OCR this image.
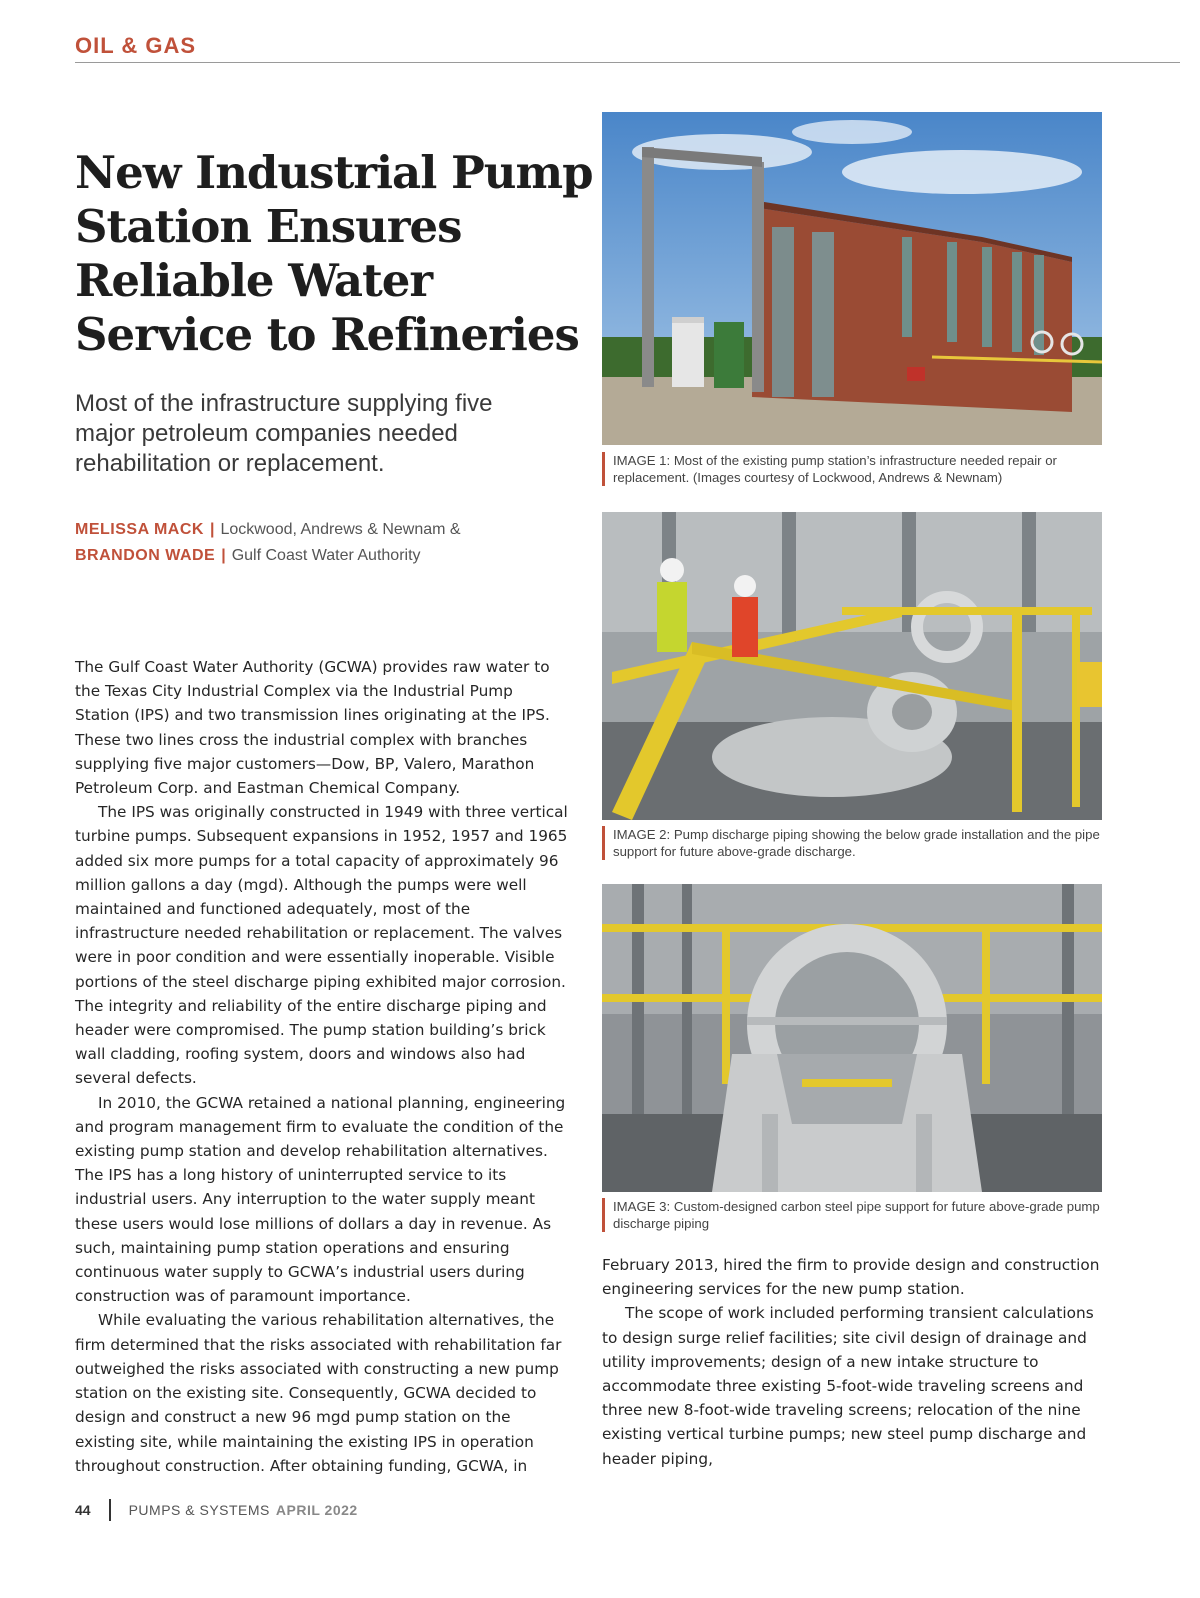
OIL & GAS
New Industrial Pump Station Ensures Reliable Water Service to Refineries

Most of the infrastructure supplying five major petroleum companies needed rehabilitation or replacement.

MELISSA MACK | Lockwood, Andrews & Newnam &
BRANDON WADE | Gulf Coast Water Authority

The Gulf Coast Water Authority (GCWA) provides raw water to the Texas City Industrial Complex via the Industrial Pump Station (IPS) and two transmission lines originating at the IPS. These two lines cross the industrial complex with branches supplying five major customers—Dow, BP, Valero, Marathon Petroleum Corp. and Eastman Chemical Company.

The IPS was originally constructed in 1949 with three vertical turbine pumps. Subsequent expansions in 1952, 1957 and 1965 added six more pumps for a total capacity of approximately 96 million gallons a day (mgd). Although the pumps were well maintained and functioned adequately, most of the infrastructure needed rehabilitation or replacement. The valves were in poor condition and were essentially inoperable. Visible portions of the steel discharge piping exhibited major corrosion. The integrity and reliability of the entire discharge piping and header were compromised. The pump station building’s brick wall cladding, roofing system, doors and windows also had several defects.

In 2010, the GCWA retained a national planning, engineering and program management firm to evaluate the condition of the existing pump station and develop rehabilitation alternatives. The IPS has a long history of uninterrupted service to its industrial users. Any interruption to the water supply meant these users would lose millions of dollars a day in revenue. As such, maintaining pump station operations and ensuring continuous water supply to GCWA’s industrial users during construction was of paramount importance.

While evaluating the various rehabilitation alternatives, the firm determined that the risks associated with rehabilitation far outweighed the risks associated with constructing a new pump station on the existing site. Consequently, GCWA decided to design and construct a new 96 mgd pump station on the existing site, while maintaining the existing IPS in operation throughout construction. After obtaining funding, GCWA, in

IMAGE 1: Most of the existing pump station’s infrastructure needed repair or replacement. (Images courtesy of Lockwood, Andrews & Newnam)
IMAGE 2: Pump discharge piping showing the below grade installation and the pipe support for future above-grade discharge.
IMAGE 3: Custom-designed carbon steel pipe support for future above-grade pump discharge piping

February 2013, hired the firm to provide design and construction engineering services for the new pump station.

The scope of work included performing transient calculations to design surge relief facilities; site civil design of drainage and utility improvements; design of a new intake structure to accommodate three existing 5-foot-wide traveling screens and three new 8-foot-wide traveling screens; relocation of the nine existing vertical turbine pumps; new steel pump discharge and header piping,

44	PUMPS & SYSTEMS APRIL 2022
